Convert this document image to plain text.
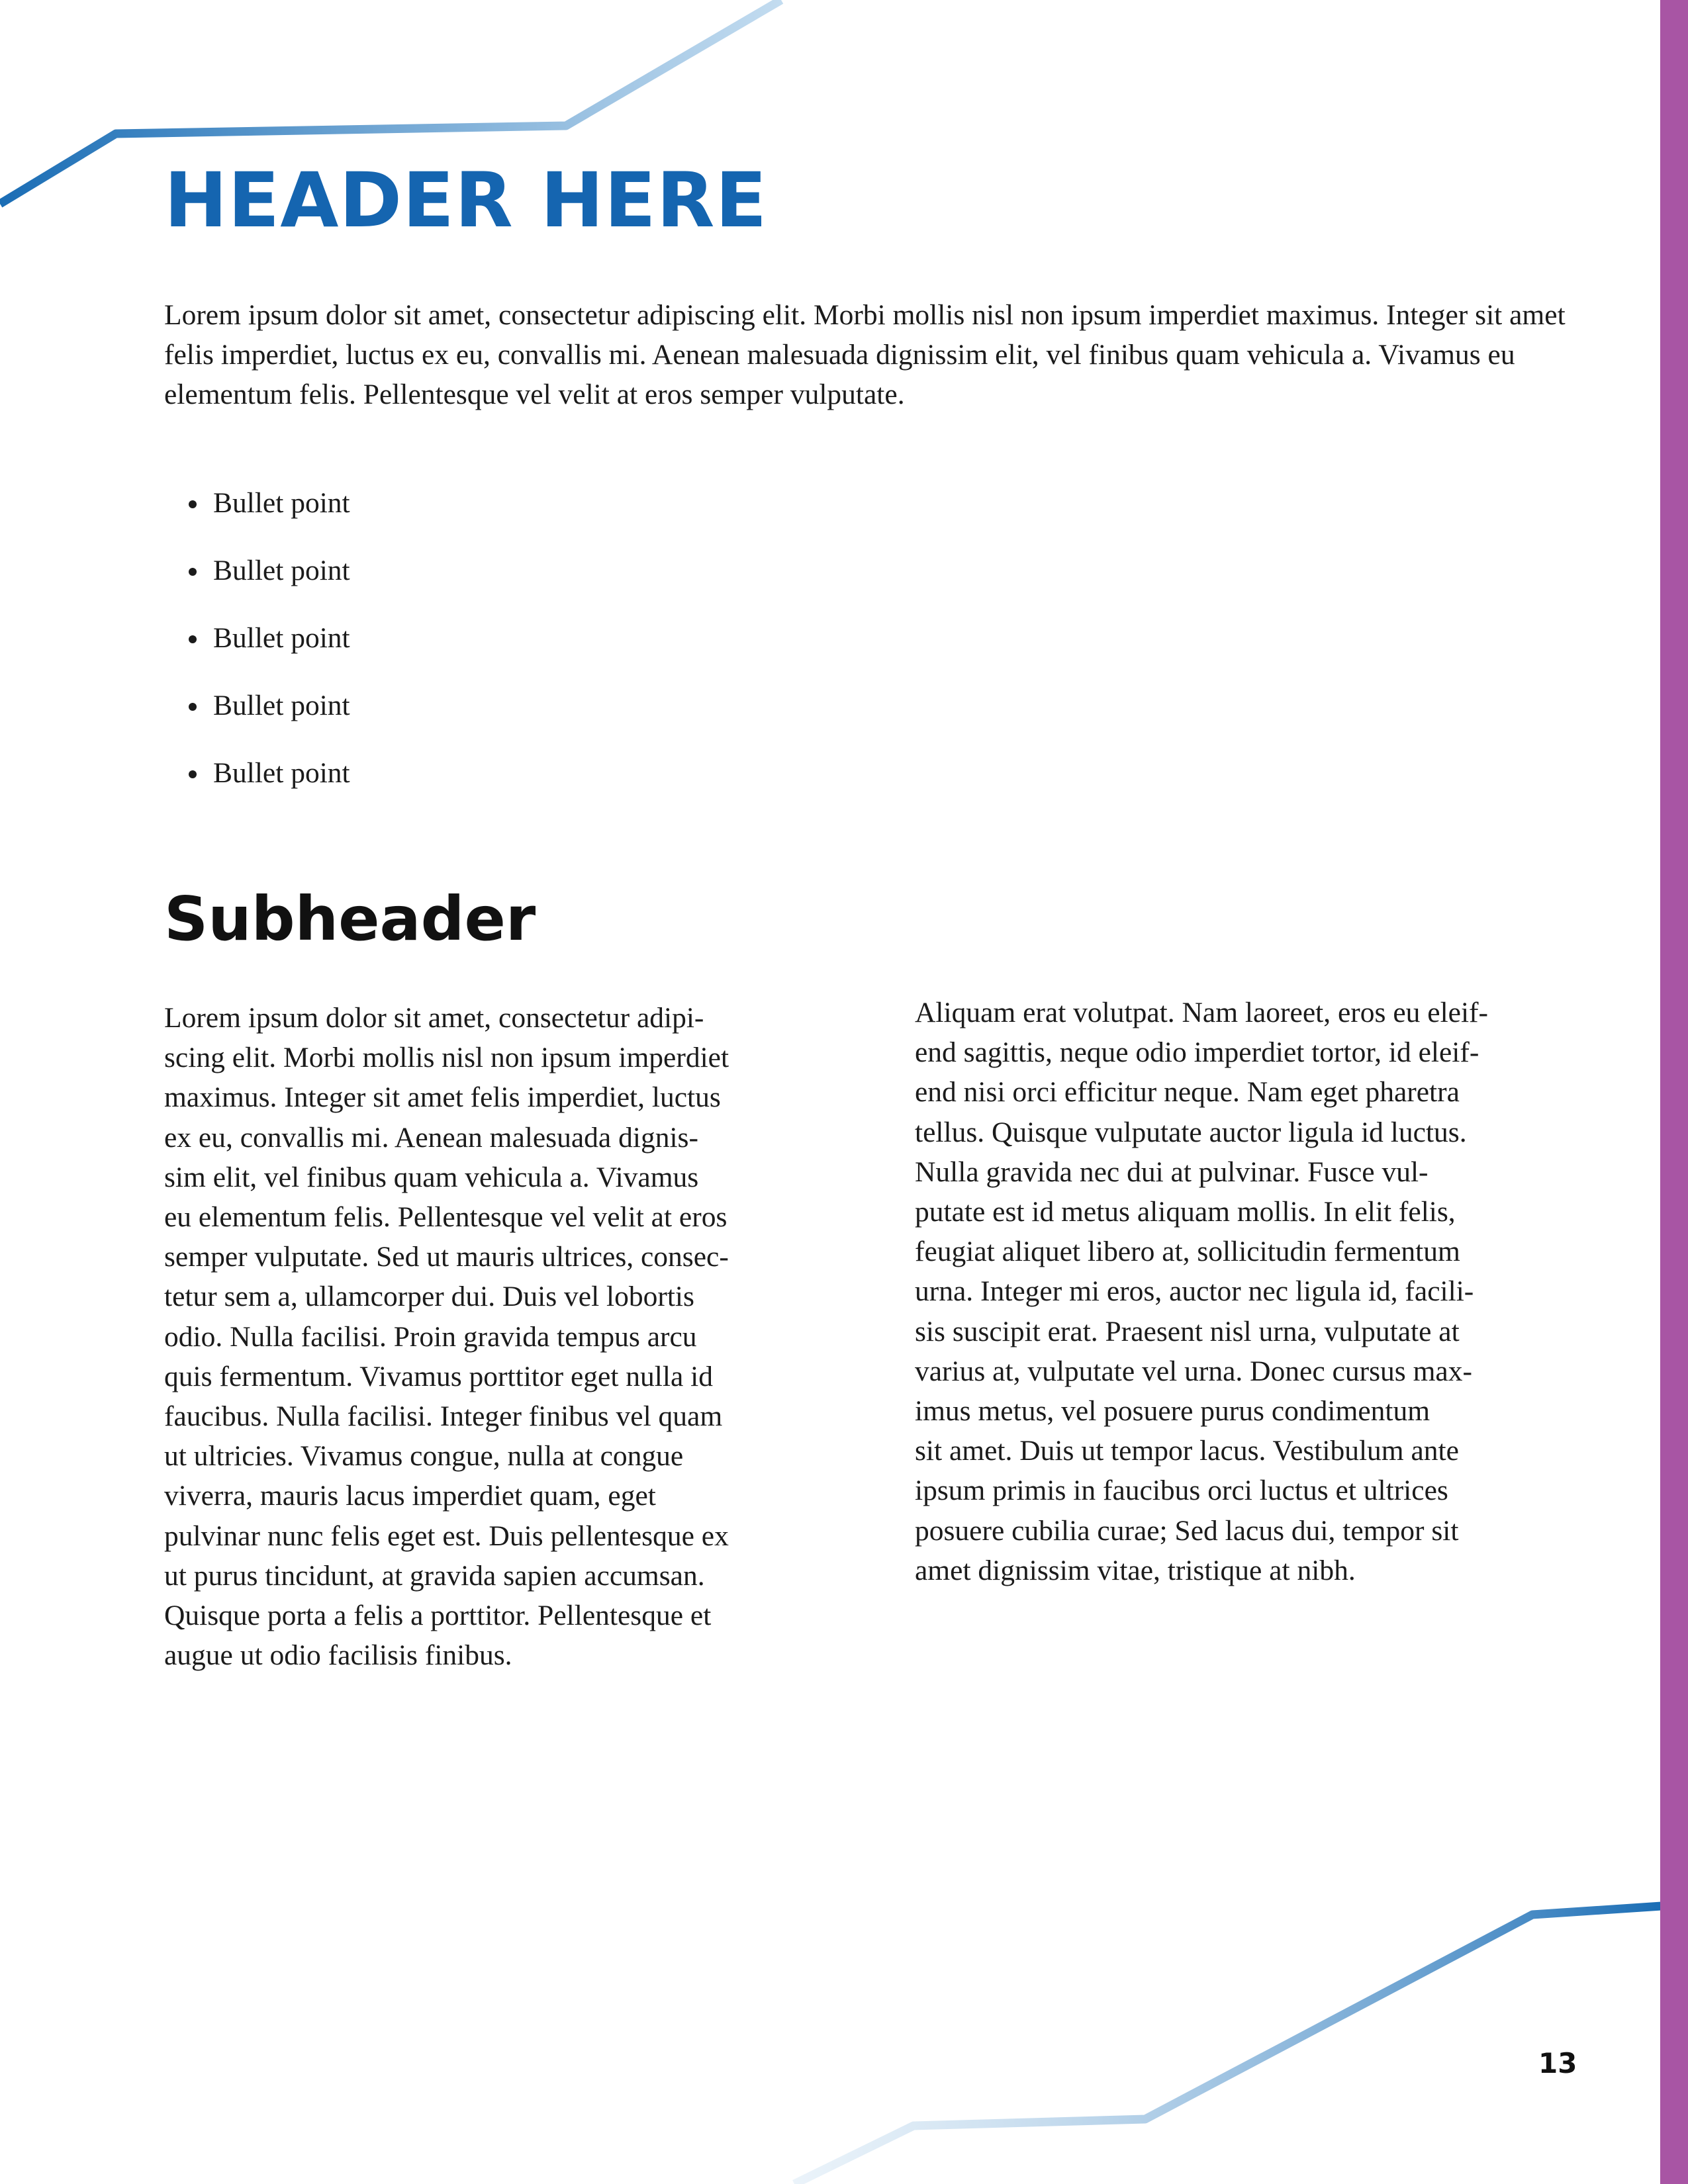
HEADER HERE

Lorem ipsum dolor sit amet, consectetur adipiscing elit. Morbi mollis nisl non ipsum imperdiet maximus. Integer sit amet felis imperdiet, luctus ex eu, convallis mi. Aenean malesuada dignissim elit, vel finibus quam vehicula a. Vivamus eu elementum felis. Pellentesque vel velit at eros semper vulputate.

Bullet point
Bullet point
Bullet point
Bullet point
Bullet point
Subheader
Lorem ipsum dolor sit amet, consectetur adipi-
scing elit. Morbi mollis nisl non ipsum imperdiet
maximus. Integer sit amet felis imperdiet, luctus
ex eu, convallis mi. Aenean malesuada dignis-
sim elit, vel finibus quam vehicula a. Vivamus
eu elementum felis. Pellentesque vel velit at eros
semper vulputate. Sed ut mauris ultrices, consec-
tetur sem a, ullamcorper dui. Duis vel lobortis
odio. Nulla facilisi. Proin gravida tempus arcu
quis fermentum. Vivamus porttitor eget nulla id
faucibus. Nulla facilisi. Integer finibus vel quam
ut ultricies. Vivamus congue, nulla at congue
viverra, mauris lacus imperdiet quam, eget
pulvinar nunc felis eget est. Duis pellentesque ex
ut purus tincidunt, at gravida sapien accumsan.
Quisque porta a felis a porttitor. Pellentesque et
augue ut odio facilisis finibus.
Aliquam erat volutpat. Nam laoreet, eros eu eleif-
end sagittis, neque odio imperdiet tortor, id eleif-
end nisi orci efficitur neque. Nam eget pharetra
tellus. Quisque vulputate auctor ligula id luctus.
Nulla gravida nec dui at pulvinar. Fusce vul-
putate est id metus aliquam mollis. In elit felis,
feugiat aliquet libero at, sollicitudin fermentum
urna. Integer mi eros, auctor nec ligula id, facili-
sis suscipit erat. Praesent nisl urna, vulputate at
varius at, vulputate vel urna. Donec cursus max-
imus metus, vel posuere purus condimentum
sit amet. Duis ut tempor lacus. Vestibulum ante
ipsum primis in faucibus orci luctus et ultrices
posuere cubilia curae; Sed lacus dui, tempor sit
amet dignissim vitae, tristique at nibh.

13
